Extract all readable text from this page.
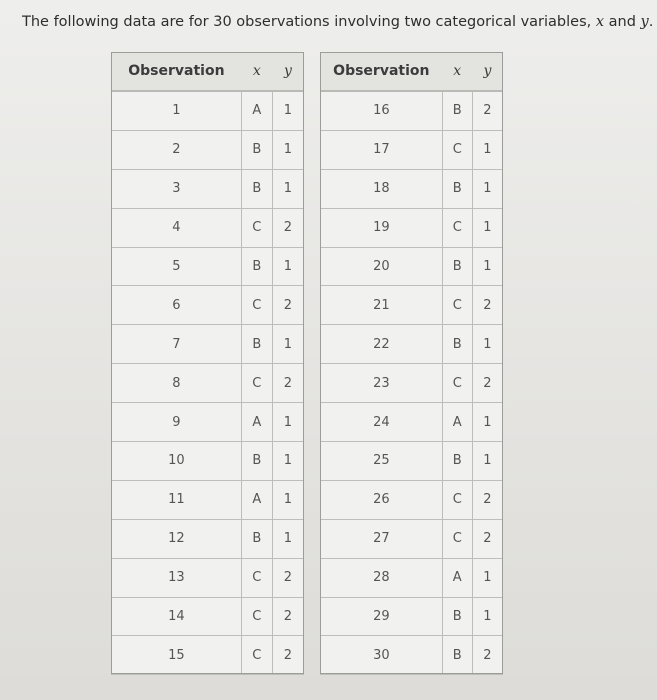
The following data are for 30 observations involving two categorical variables, x and y.
Observation	x	y
1	A	1
2	B	1
3	B	1
4	C	2
5	B	1
6	C	2
7	B	1
8	C	2
9	A	1
10	B	1
11	A	1
12	B	1
13	C	2
14	C	2
15	C	2
Observation	x	y
16	B	2
17	C	1
18	B	1
19	C	1
20	B	1
21	C	2
22	B	1
23	C	2
24	A	1
25	B	1
26	C	2
27	C	2
28	A	1
29	B	1
30	B	2
